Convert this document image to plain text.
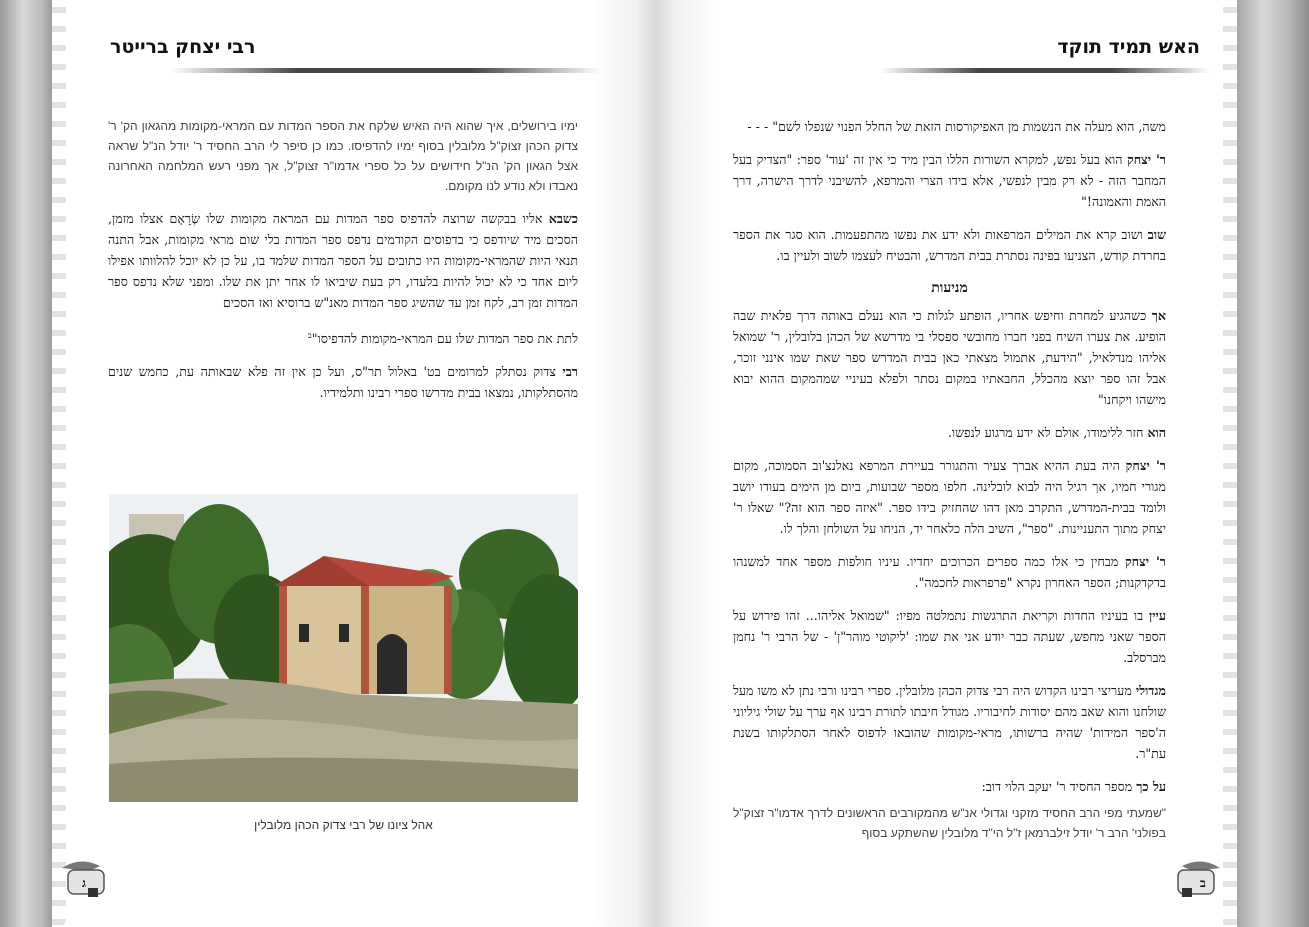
רבי יצחק ברייטר	האש תמיד תוקד

ימיו בירושלים, איך שהוא היה האיש שלקח את הספר המדות עם המראי-מקומות מהגאון הק' ר' צדוק הכהן זצוק"ל מלובלין בסוף ימיו להדפיסו. כמו כן סיפר לי הרב החסיד ר' יודל הנ"ל שראה אצל הגאון הק' הנ"ל חידושים על כל ספרי אדמו"ר זצוק"ל, אך מפני רעש המלחמה האחרונה נאבדו ולא נודע לנו מקומם.

כשבא אליו בבקשה שרוצה להדפיס ספר המדות עם המראה מקומות שלו שְׂרָאָם אצלו מזמן, הסכים מיד שיודפס כי בדפוסים הקודמים נדפס ספר המדות בלי שום מראי מקומות, אבל התנה תנאי היות שהמראי-מקומות היו כתובים על הספר המדות שלמד בו, על כן לא יוכל להלוותו אפילו ליום אחד כי לא יכול להיות בלעדו, רק בעת שיביאו לו אחר יתן את שלו. ומפני שלא נדפס ספר המדות זמן רב, לקח זמן עד שהשיג ספר המדות מאנ"ש ברוסיא ואז הסכים

לתת את ספר המדות שלו עם המראי-מקומות להדפיסו"$^ב$

רבי צדוק נסתלק למרומים בט' באלול תר"ס, ועל כן אין זה פלא שבאותה עת, כחמש שנים מהסתלקותו, נמצאו בבית מדרשו ספרי רבינו ותלמידיו.

אהל ציונו של רבי צדוק הכהן מלובלין

משה, הוא מעלה את הנשמות מן האפיקורסות הזאת של החלל הפנוי שנפלו לשם" - - -

ר' יצחק הוא בעל נפש, למקרא השורות הללו הבין מיד כי אין זה 'עוד' ספר: "הצדיק בעל המחבר הזה - לא רק מבין לנפשי, אלא בידו הצרי והמרפא, להשיבני לדרך הישרה, דרך האמת והאמונה!"

שוב ושוב קרא את המילים המרפאות ולא ידע את נפשו מהתפעמות. הוא סגר את הספר בחרדת קודש, הצניעו בפינה נסתרת בבית המדרש, והבטיח לעצמו לשוב ולעיין בו.

מניעות

אך כשהגיע למחרת וחיפש אחריו, הופתע לגלות כי הוא נעלם באותה דרך פלאית שבה הופיע. את צערו השיח בפני חברו מחובשי ספסלי בי מדרשא של הכהן בלובלין, ר' שמואל אליהו מנדלאיל, "הידעת, אתמול מצאתי כאן בבית המדרש ספר שאת שמו אינני זוכר, אבל זהו ספר יוצא מהכלל, החבאתיו במקום נסתר ולפלא בעיניי שמהמקום ההוא יבוא מישהו ויקחנו"

הוא חזר ללימודו, אולם לא ידע מרגוע לנפשו.

ר' יצחק היה בעת ההיא אברך צעיר והתגורר בעיירת המרפא נאלנצ'וב הסמוכה, מקום מגורי חמיו, אך רגיל היה לבוא לובלינה. חלפו מספר שבועות, ביום מן הימים בעודו יושב ולומד בבית-המדרש, התקרב מאן דהו שהחזיק בידו ספר. "איזה ספר הוא זה?" שאלו ר' יצחק מתוך התעניינות. "ספר", השיב הלה כלאחר יד, הניחו על השולחן והלך לו.

ר' יצחק מבחין כי אלו כמה ספרים הכרוכים יחדיו. עיניו חולפות מספר אחד למשנהו בדקדקנות; הספר האחרון נקרא "פרפראות לחכמה".

עיין בו בעיניו החדות וקריאת התרגשות נתמלטה מפיו: "שמואל אליהו... זהו פירוש על הספר שאני מחפש, שעתה כבר יודע אני את שמו: 'ליקוטי מוהר"ן' - של הרבי ר' נחמן מברסלב.

מגדולי מעריצי רבינו הקדוש היה רבי צדוק הכהן מלובלין. ספרי רבינו ורבי נתן לא משו מעל שולחנו והוא שאב מהם יסודות לחיבוריו. מגודל חיבתו לתורת רבינו אף ערך על שולי גיליוני ה'ספר המידות' שהיה ברשותו, מראי-מקומות שהובאו לדפוס לאחר הסתלקותו בשנת עת"ר.

על כך מספר החסיד ר' יעקב הלוי דוב:

"שמעתי מפי הרב החסיד מזקני וגדולי אנ"ש מהמקורבים הראשונים לדרך אדמו"ר זצוק"ל בפולני' הרב ר' יודל זילברמאן ז"ל הי"ד מלובלין שהשתקע בסוף

ג	ב
